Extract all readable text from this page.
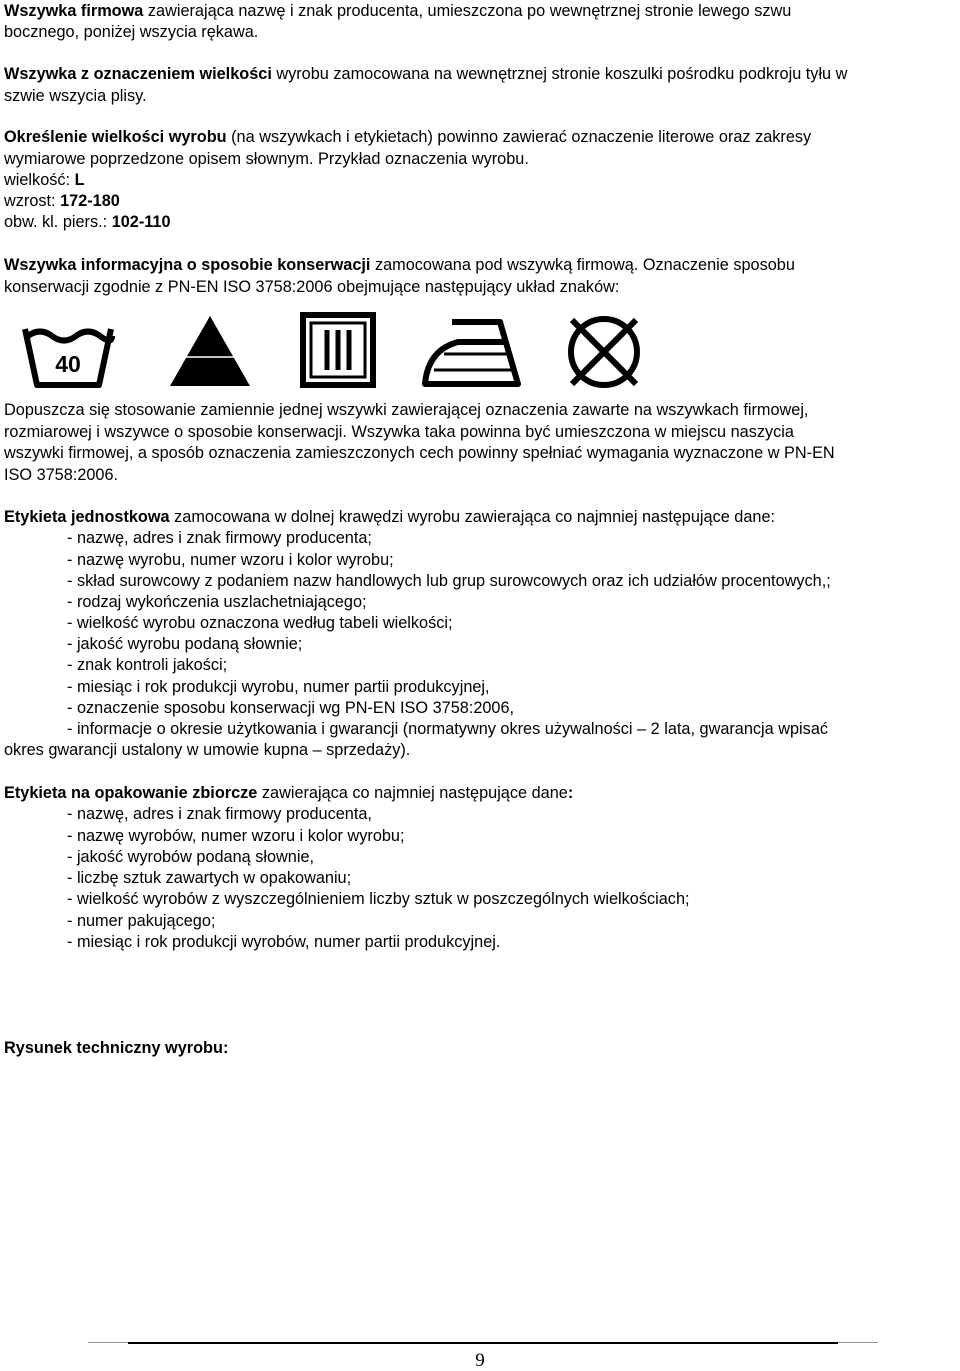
Wszywka firmowa zawierająca nazwę i znak producenta, umieszczona po wewnętrznej stronie lewego szwu
bocznego, poniżej wszycia rękawa.
Wszywka z oznaczeniem wielkości wyrobu zamocowana na wewnętrznej stronie koszulki pośrodku podkroju tyłu w
szwie wszycia plisy.
Określenie wielkości wyrobu (na wszywkach i etykietach) powinno zawierać oznaczenie literowe oraz zakresy
wymiarowe poprzedzone opisem słownym. Przykład oznaczenia wyrobu.
wielkość: L
wzrost: 172-180
obw. kl. piers.: 102-110
Wszywka informacyjna o sposobie konserwacji zamocowana pod wszywką firmową. Oznaczenie sposobu
konserwacji zgodnie z PN-EN ISO 3758:2006 obejmujące następujący układ znaków:
40
Dopuszcza się stosowanie zamiennie jednej wszywki zawierającej oznaczenia zawarte na wszywkach firmowej,
rozmiarowej i wszywce o sposobie konserwacji. Wszywka taka powinna być umieszczona w miejscu naszycia
wszywki firmowej, a sposób oznaczenia zamieszczonych cech powinny spełniać wymagania wyznaczone w PN-EN
ISO 3758:2006.
Etykieta jednostkowa zamocowana w dolnej krawędzi wyrobu zawierająca co najmniej następujące dane:
- nazwę, adres i znak firmowy producenta;
- nazwę wyrobu, numer wzoru i kolor wyrobu;
- skład surowcowy z podaniem nazw handlowych lub grup surowcowych oraz ich udziałów procentowych,;
- rodzaj wykończenia uszlachetniającego;
- wielkość wyrobu oznaczona według tabeli wielkości;
- jakość wyrobu podaną słownie;
- znak kontroli jakości;
- miesiąc i rok produkcji wyrobu, numer partii produkcyjnej,
- oznaczenie sposobu konserwacji wg PN-EN ISO 3758:2006,
- informacje o okresie użytkowania i gwarancji (normatywny okres używalności – 2 lata, gwarancja wpisać
okres gwarancji ustalony w umowie kupna – sprzedaży).
Etykieta na opakowanie zbiorcze zawierająca co najmniej następujące dane:
- nazwę, adres i znak firmowy producenta,
- nazwę wyrobów, numer wzoru i kolor wyrobu;
- jakość wyrobów podaną słownie,
- liczbę sztuk zawartych w opakowaniu;
- wielkość wyrobów z wyszczególnieniem liczby sztuk w poszczególnych wielkościach;
- numer pakującego;
- miesiąc i rok produkcji wyrobów, numer partii produkcyjnej.
Rysunek techniczny wyrobu:
9
